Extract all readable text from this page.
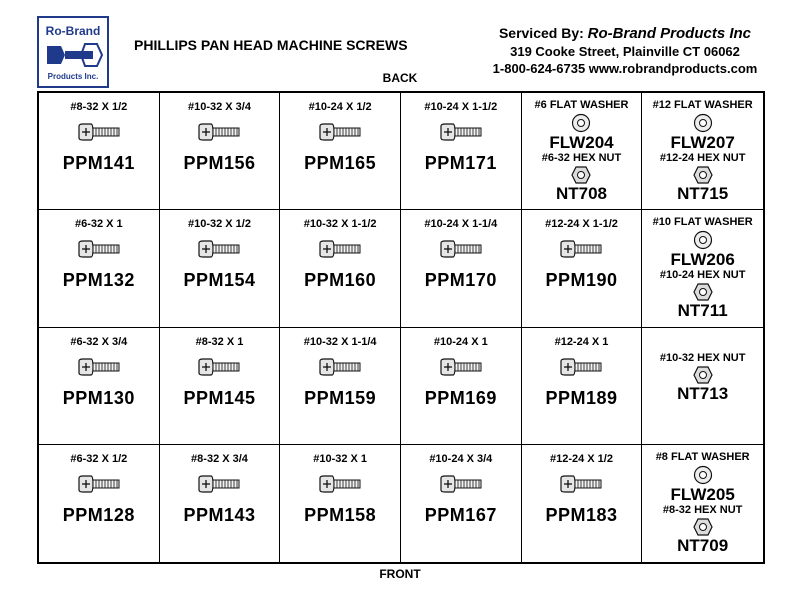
Ro-Brand
Products Inc.
PHILLIPS PAN HEAD MACHINE SCREWS
Serviced By: Ro-Brand Products Inc
319 Cooke Street, Plainville CT 06062
1-800-624-6735 www.robrandproducts.com
BACK
FRONT
#8-32 X 1/2
PPM141
#10-32 X 3/4
PPM156
#10-24 X 1/2
PPM165
#10-24 X 1-1/2
PPM171
#6 FLAT WASHER
FLW204
#6-32 HEX NUT
NT708
#12 FLAT WASHER
FLW207
#12-24 HEX NUT
NT715
#6-32 X 1
PPM132
#10-32 X 1/2
PPM154
#10-32 X 1-1/2
PPM160
#10-24 X 1-1/4
PPM170
#12-24 X 1-1/2
PPM190
#10 FLAT WASHER
FLW206
#10-24 HEX NUT
NT711
#6-32 X 3/4
PPM130
#8-32 X 1
PPM145
#10-32 X 1-1/4
PPM159
#10-24 X 1
PPM169
#12-24 X 1
PPM189
#10-32 HEX NUT
NT713
#6-32 X 1/2
PPM128
#8-32 X 3/4
PPM143
#10-32 X 1
PPM158
#10-24 X 3/4
PPM167
#12-24 X 1/2
PPM183
#8 FLAT WASHER
FLW205
#8-32 HEX NUT
NT709
